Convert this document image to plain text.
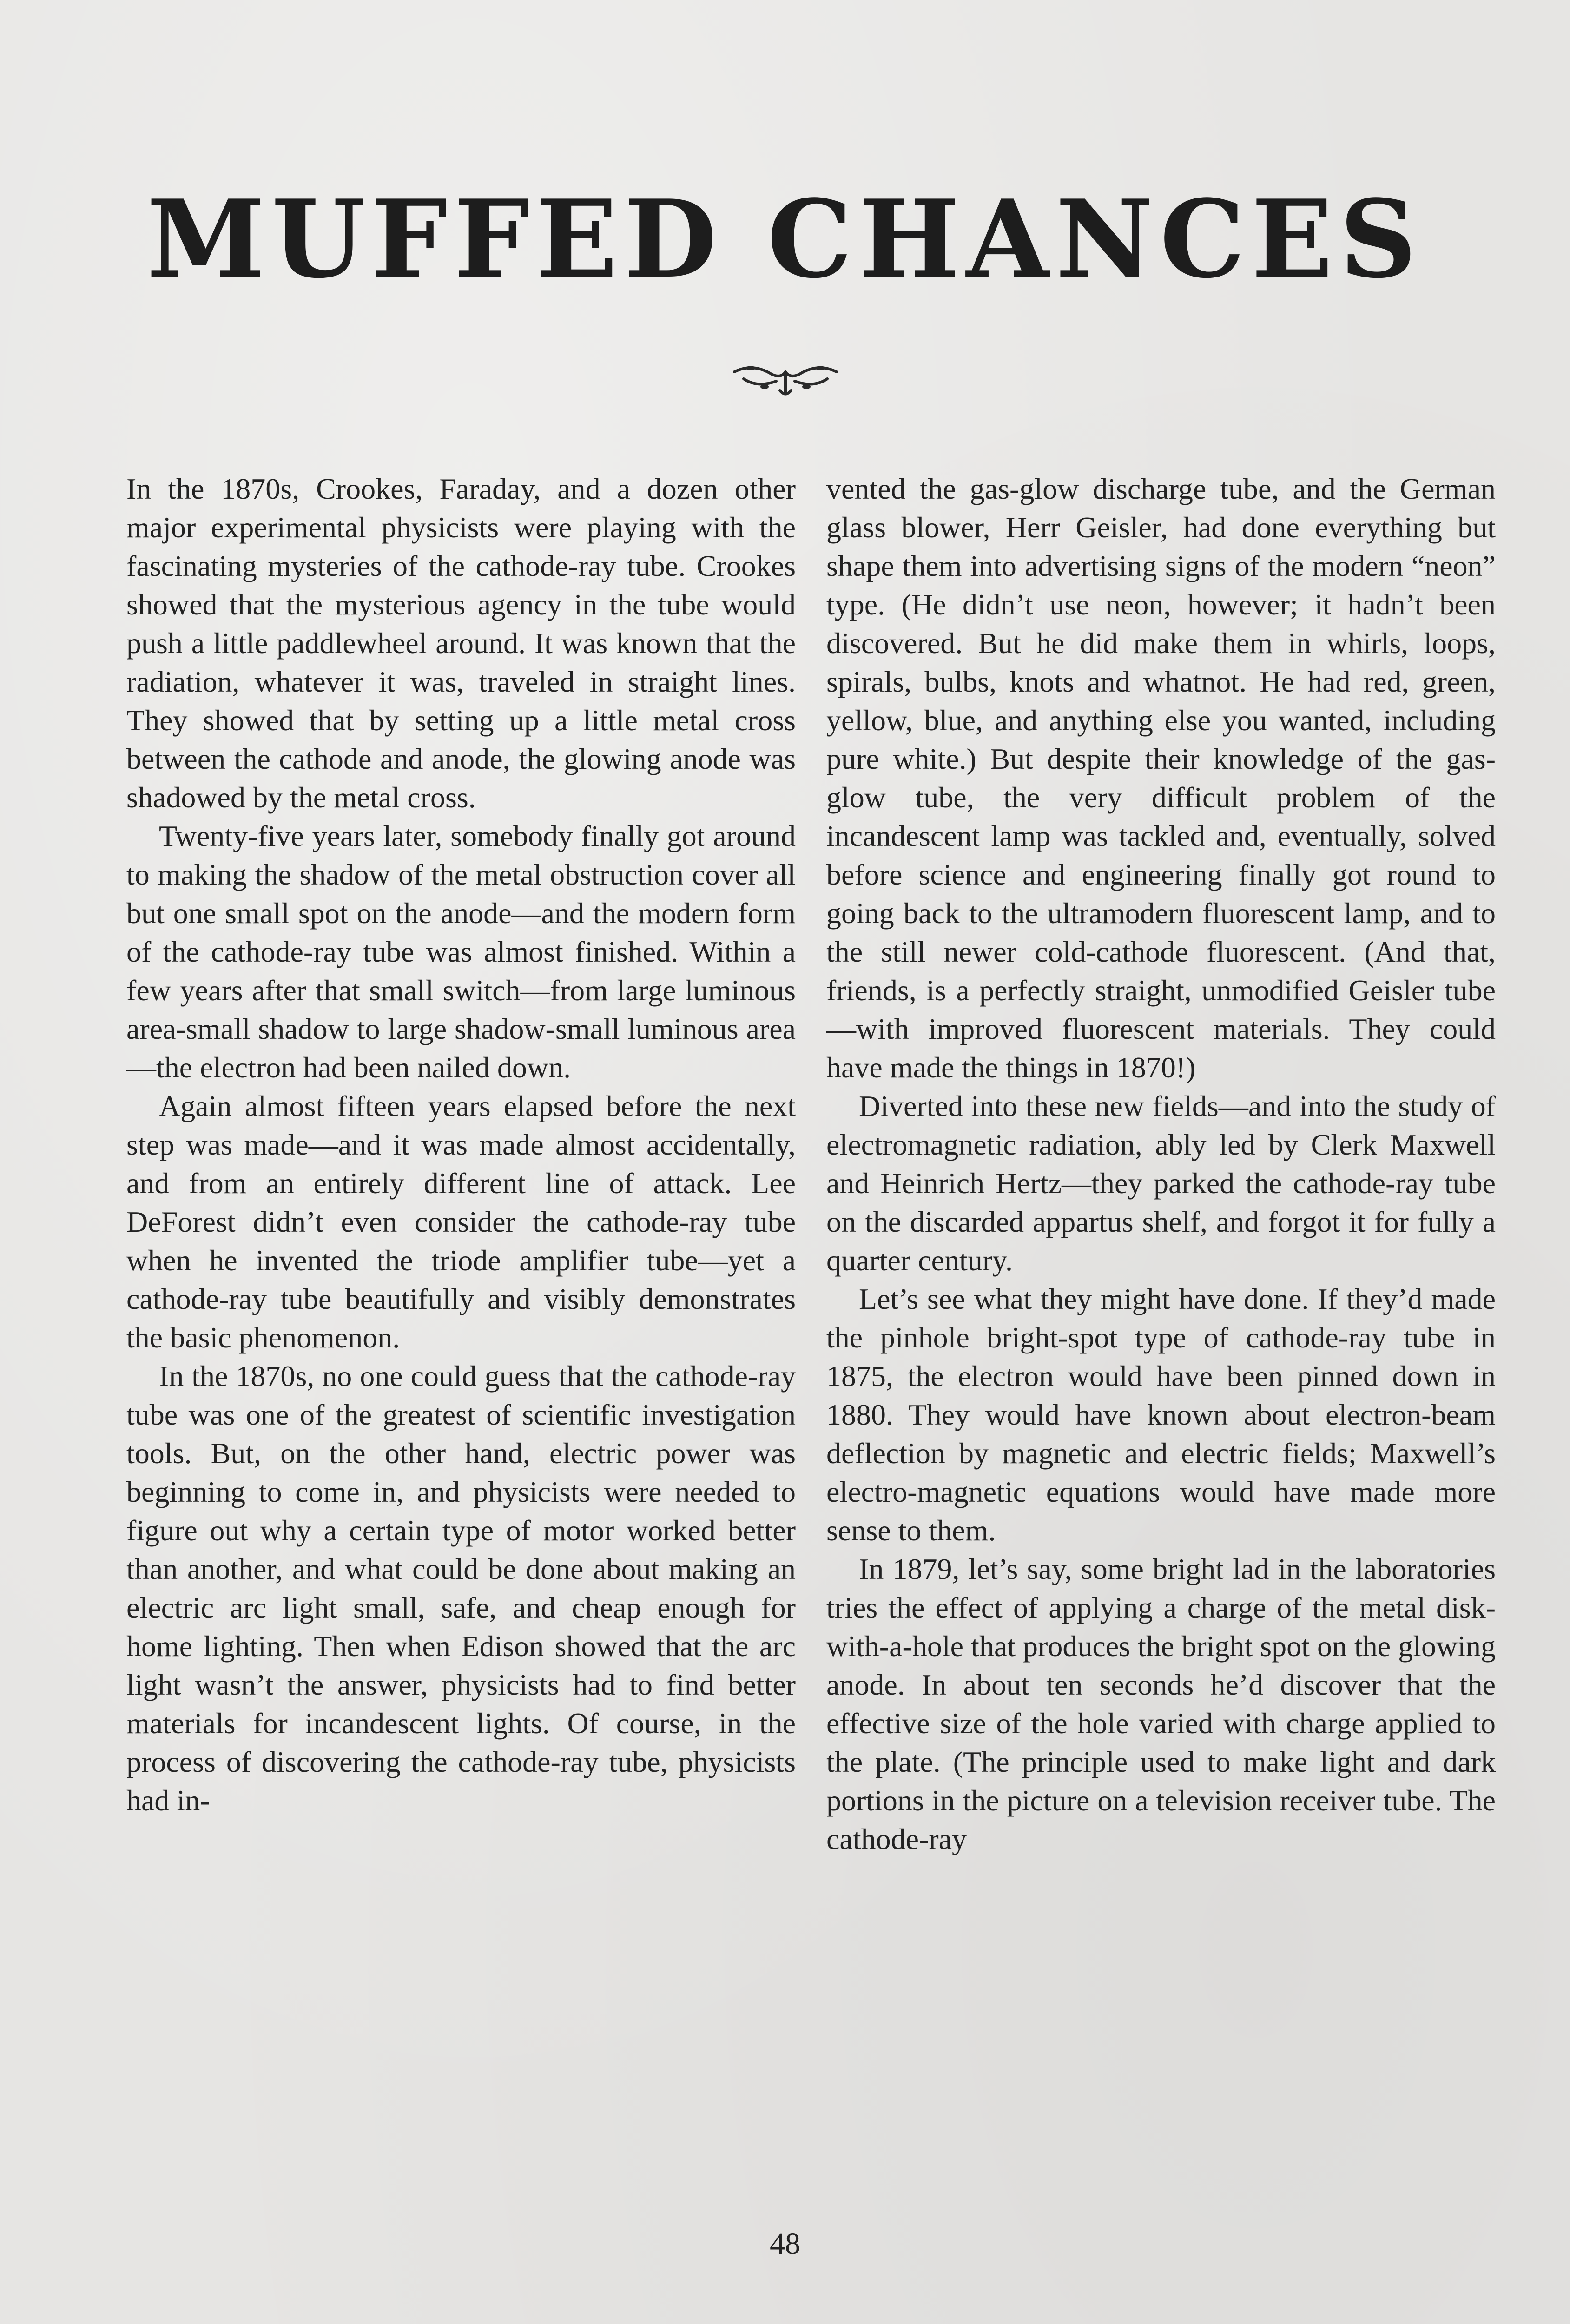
MUFFED CHANCES

In the 1870s, Crookes, Faraday, and a dozen other major experimental physicists were playing with the fascinating mysteries of the cathode-ray tube. Crookes showed that the mysterious agency in the tube would push a little paddlewheel around. It was known that the radiation, whatever it was, traveled in straight lines. They showed that by setting up a little metal cross between the cathode and anode, the glowing anode was shadowed by the metal cross.

Twenty-five years later, somebody finally got around to making the shadow of the metal obstruction cover all but one small spot on the anode—and the modern form of the cathode-ray tube was almost finished. Within a few years after that small switch—from large luminous area-small shadow to large shadow-small luminous area—the electron had been nailed down.

Again almost fifteen years elapsed before the next step was made—and it was made almost accidentally, and from an entirely different line of attack. Lee DeForest didn’t even consider the cathode-ray tube when he invented the triode amplifier tube—yet a cathode-ray tube beautifully and visibly demonstrates the basic phenomenon.

In the 1870s, no one could guess that the cathode-ray tube was one of the greatest of scientific investigation tools. But, on the other hand, electric power was beginning to come in, and physicists were needed to figure out why a certain type of motor worked better than another, and what could be done about making an electric arc light small, safe, and cheap enough for home lighting. Then when Edison showed that the arc light wasn’t the answer, physicists had to find better materials for incandescent lights. Of course, in the process of discovering the cathode-ray tube, physicists had in-

vented the gas-glow discharge tube, and the German glass blower, Herr Geisler, had done everything but shape them into advertising signs of the modern “neon” type. (He didn’t use neon, however; it hadn’t been discovered. But he did make them in whirls, loops, spirals, bulbs, knots and whatnot. He had red, green, yellow, blue, and anything else you wanted, including pure white.) But despite their knowledge of the gas-glow tube, the very difficult problem of the incandescent lamp was tackled and, eventually, solved before science and engineering finally got round to going back to the ultramodern fluorescent lamp, and to the still newer cold-cathode fluorescent. (And that, friends, is a perfectly straight, unmodified Geisler tube—with improved fluorescent materials. They could have made the things in 1870!)

Diverted into these new fields—and into the study of electromagnetic radiation, ably led by Clerk Maxwell and Heinrich Hertz—they parked the cathode-ray tube on the discarded appartus shelf, and forgot it for fully a quarter century.

Let’s see what they might have done. If they’d made the pinhole bright-spot type of cathode-ray tube in 1875, the electron would have been pinned down in 1880. They would have known about electron-beam deflection by magnetic and electric fields; Maxwell’s electro-magnetic equations would have made more sense to them.

In 1879, let’s say, some bright lad in the laboratories tries the effect of applying a charge of the metal disk-with-a-hole that produces the bright spot on the glowing anode. In about ten seconds he’d discover that the effective size of the hole varied with charge applied to the plate. (The principle used to make light and dark portions in the picture on a television receiver tube. The cathode-ray

48
